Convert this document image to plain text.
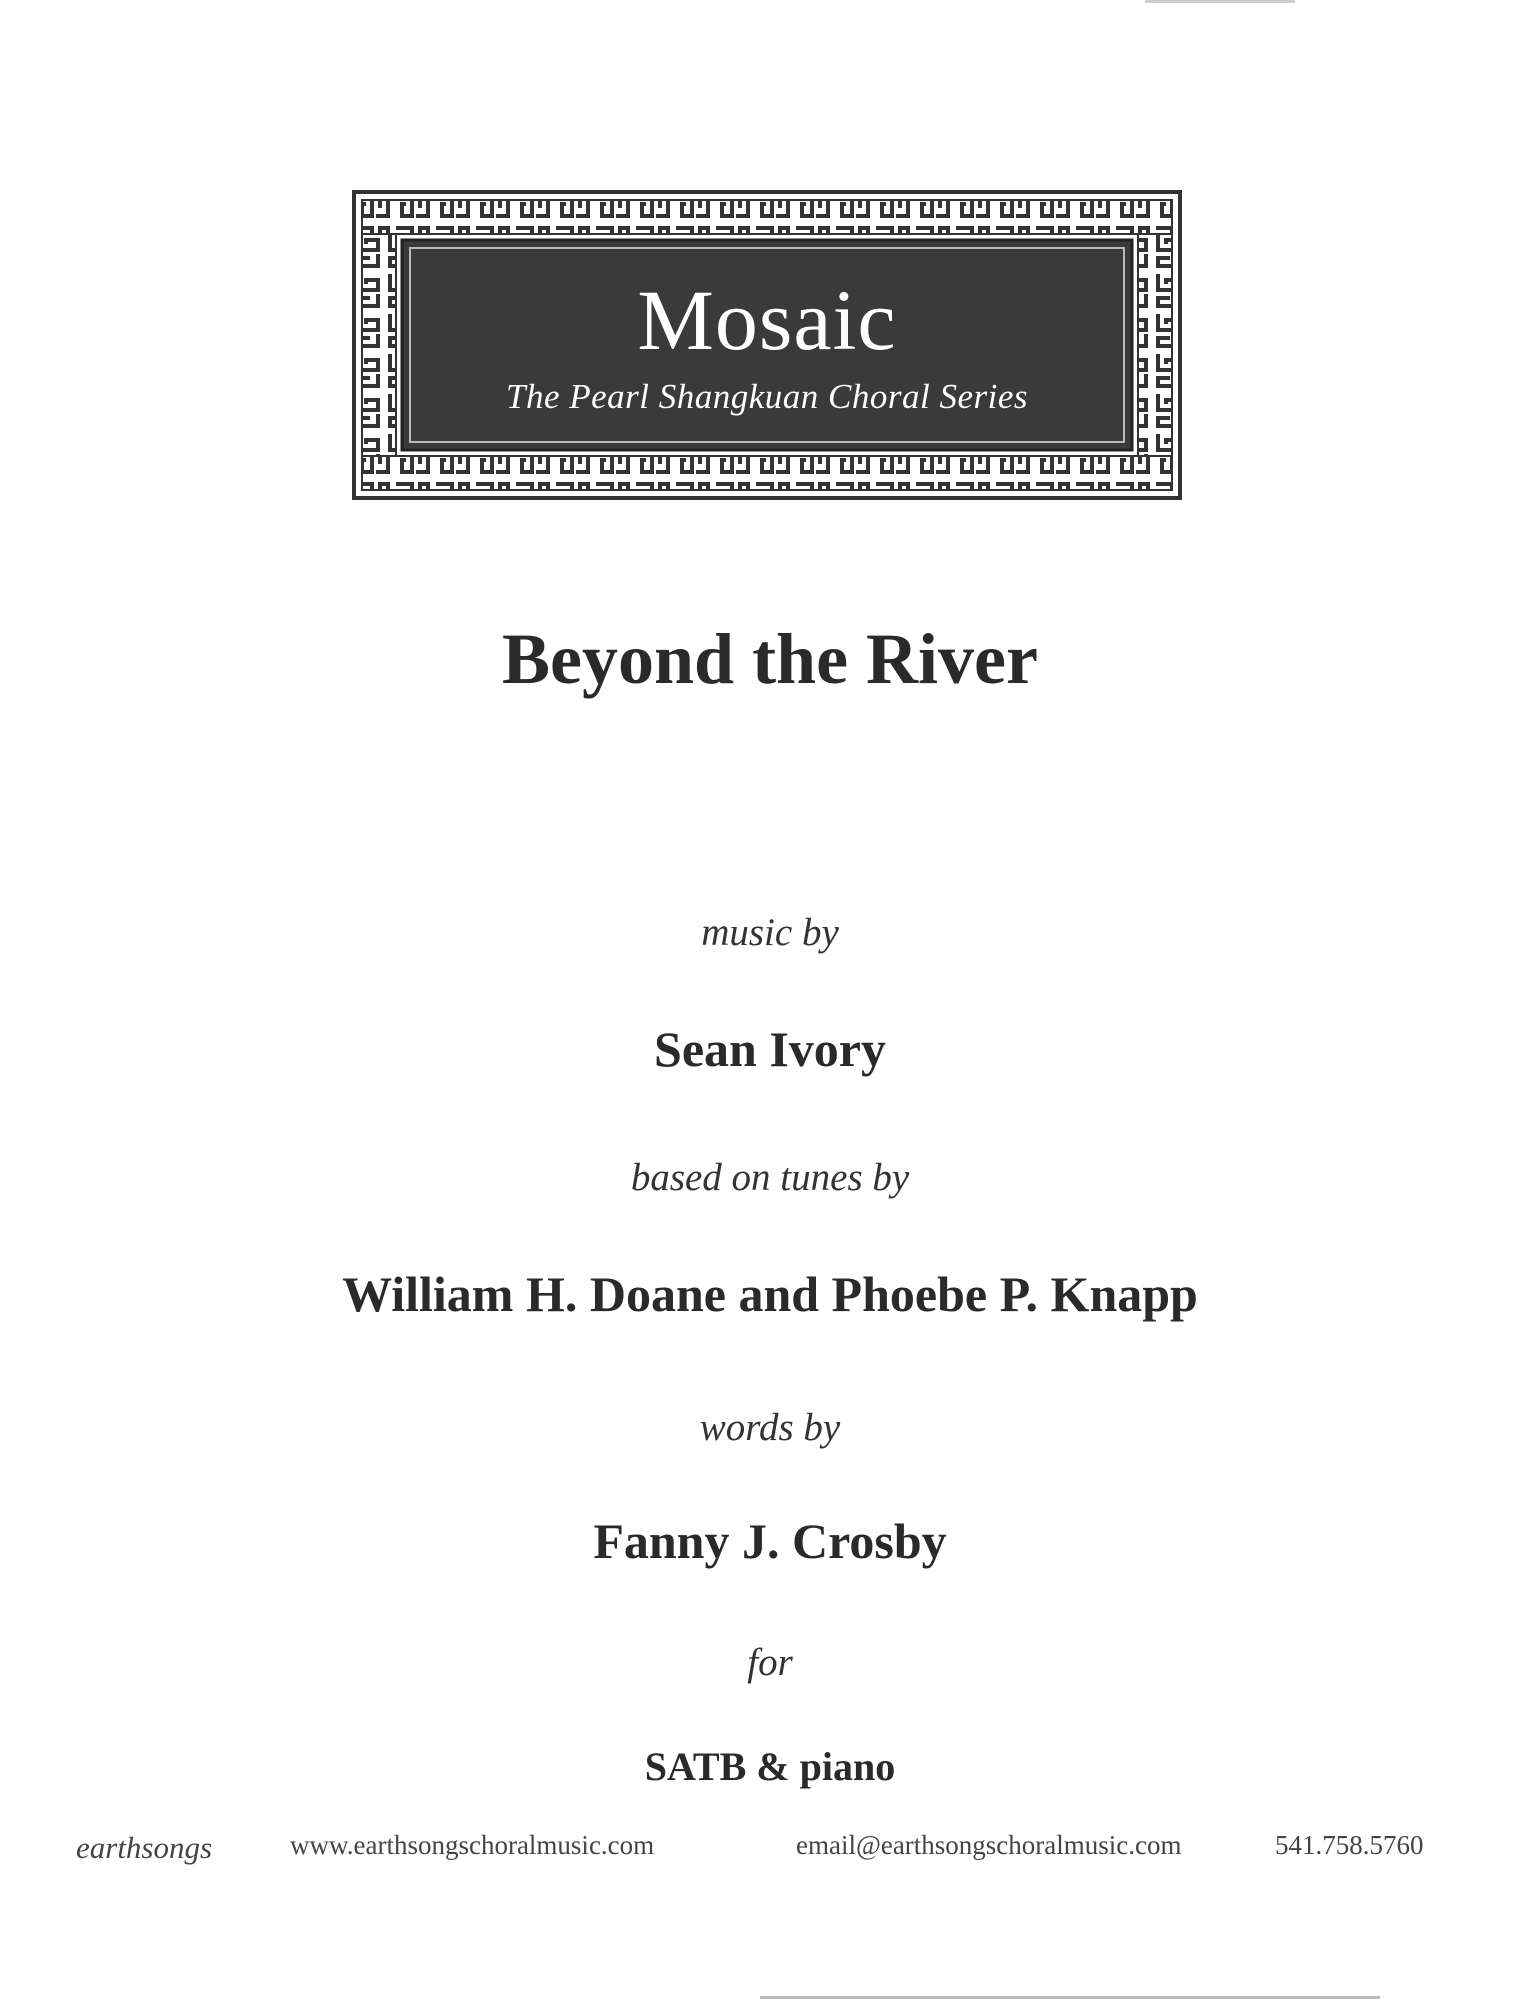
Mosaic
The Pearl Shangkuan Choral Series
Beyond the River
music by
Sean Ivory
based on tunes by
William H. Doane and Phoebe P. Knapp
words by
Fanny J. Crosby
for
SATB & piano
earthsongs	www.earthsongschoralmusic.com	email@earthsongschoralmusic.com	541.758.5760
